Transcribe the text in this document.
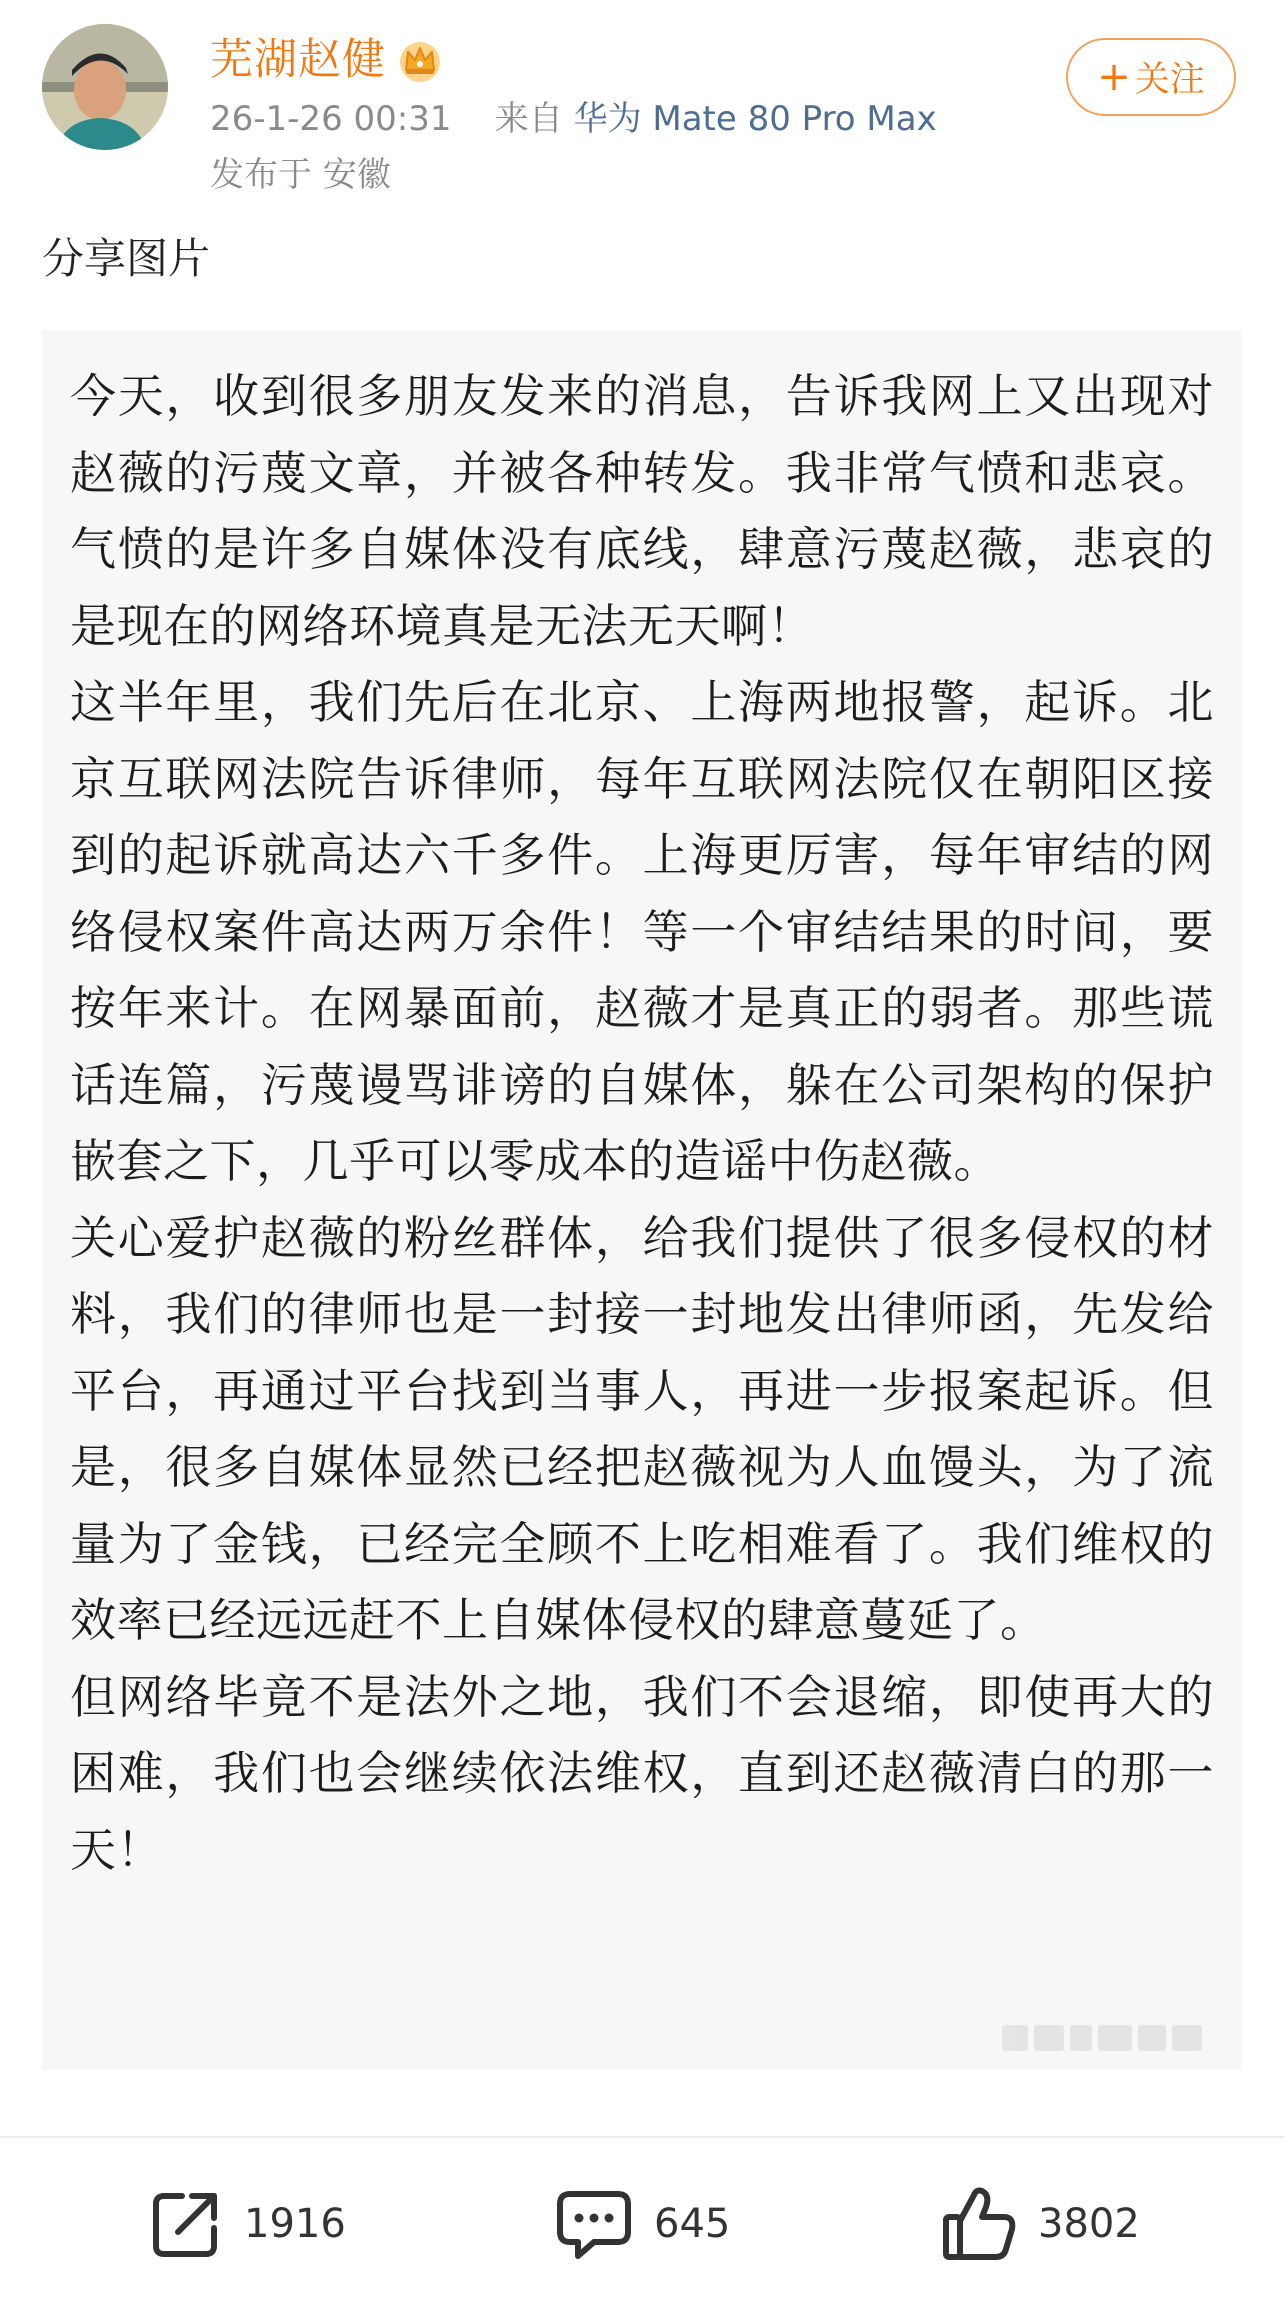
芜湖赵健
26-1-26 00:31 来自 华为 Mate 80 Pro Max
发布于 安徽
+ 关注
分享图片

今天，收到很多朋友发来的消息，告诉我网上又出现对赵薇的污蔑文章，并被各种转发。我非常气愤和悲哀。气愤的是许多自媒体没有底线，肆意污蔑赵薇，悲哀的是现在的网络环境真是无法无天啊！

这半年里，我们先后在北京、上海两地报警，起诉。北京互联网法院告诉律师，每年互联网法院仅在朝阳区接到的起诉就高达六千多件。上海更厉害，每年审结的网络侵权案件高达两万余件！等一个审结结果的时间，要按年来计。在网暴面前，赵薇才是真正的弱者。那些谎话连篇，污蔑谩骂诽谤的自媒体，躲在公司架构的保护嵌套之下，几乎可以零成本的造谣中伤赵薇。

关心爱护赵薇的粉丝群体，给我们提供了很多侵权的材料，我们的律师也是一封接一封地发出律师函，先发给平台，再通过平台找到当事人，再进一步报案起诉。但是，很多自媒体显然已经把赵薇视为人血馒头，为了流量为了金钱，已经完全顾不上吃相难看了。我们维权的效率已经远远赶不上自媒体侵权的肆意蔓延了。

但网络毕竟不是法外之地，我们不会退缩，即使再大的困难，我们也会继续依法维权，直到还赵薇清白的那一天！

1916	645	3802
